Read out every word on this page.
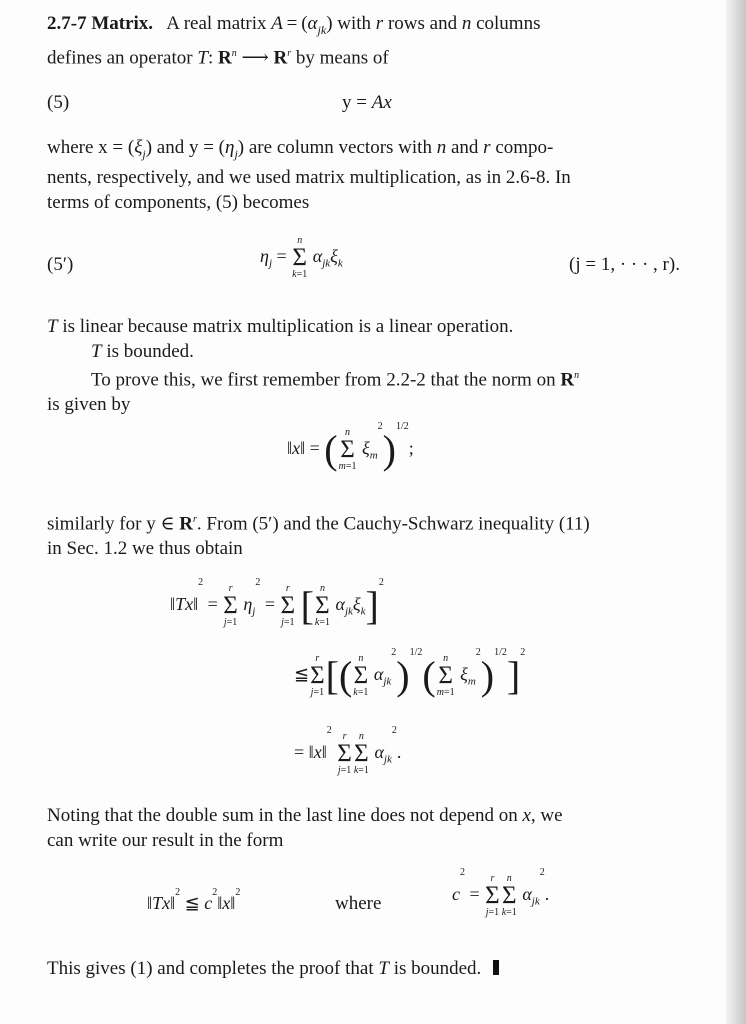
2.7-7 Matrix. A real matrix $A = (\alpha_{jk})$ with r rows and n columns
defines an operator T: $R^n$ ⟶ $R^r$ by means of
(5)	y = Ax
where $x = (\xi_j)$ and $y = (\eta_j)$ are column vectors with n and r compo-
nents, respectively, and we used matrix multiplication, as in 2.6-8. In
terms of components, (5) becomes
(5′)	$\eta_j$ =
n
Σ
k=1
$\alpha_{jk}\xi_k$	(j = 1, · · · , r).
T is linear because matrix multiplication is a linear operation.
T is bounded.
To prove this, we first remember from 2.2-2 that the norm on $R^n$
is given by
‖x‖ = ( n
Σ
m=1
$\xi_m^2)^{1/2}$;
similarly for y ∈ $R^r$. From (5′) and the Cauchy-Schwarz inequality (11)
in Sec. 1.2 we thus obtain
‖Tx‖$^2$ =
r
Σ
j=1
$\eta_j^2$ =
r
Σ
j=1 [ n
Σ
k=1
$\alpha_{jk}\xi_k]^2$
≦
r
Σ
j=1 [( n
Σ
k=1
$\alpha_{jk}^2)^{1/2}$( n
Σ
m=1
$\xi_m^2)^{1/2}]^2$
= ‖x‖$^2$
r
Σ
j=1
n
Σ
k=1
$\alpha_{jk}^2$.
Noting that the double sum in the last line does not depend on x, we
can write our result in the form
‖Tx‖$^2$ ≦ $c^2‖x‖^2$
where	$c^2$ =
r
Σ
j=1
n
Σ
k=1
$\alpha_{jk}^2$.
This gives (1) and completes the proof that T is bounded.
